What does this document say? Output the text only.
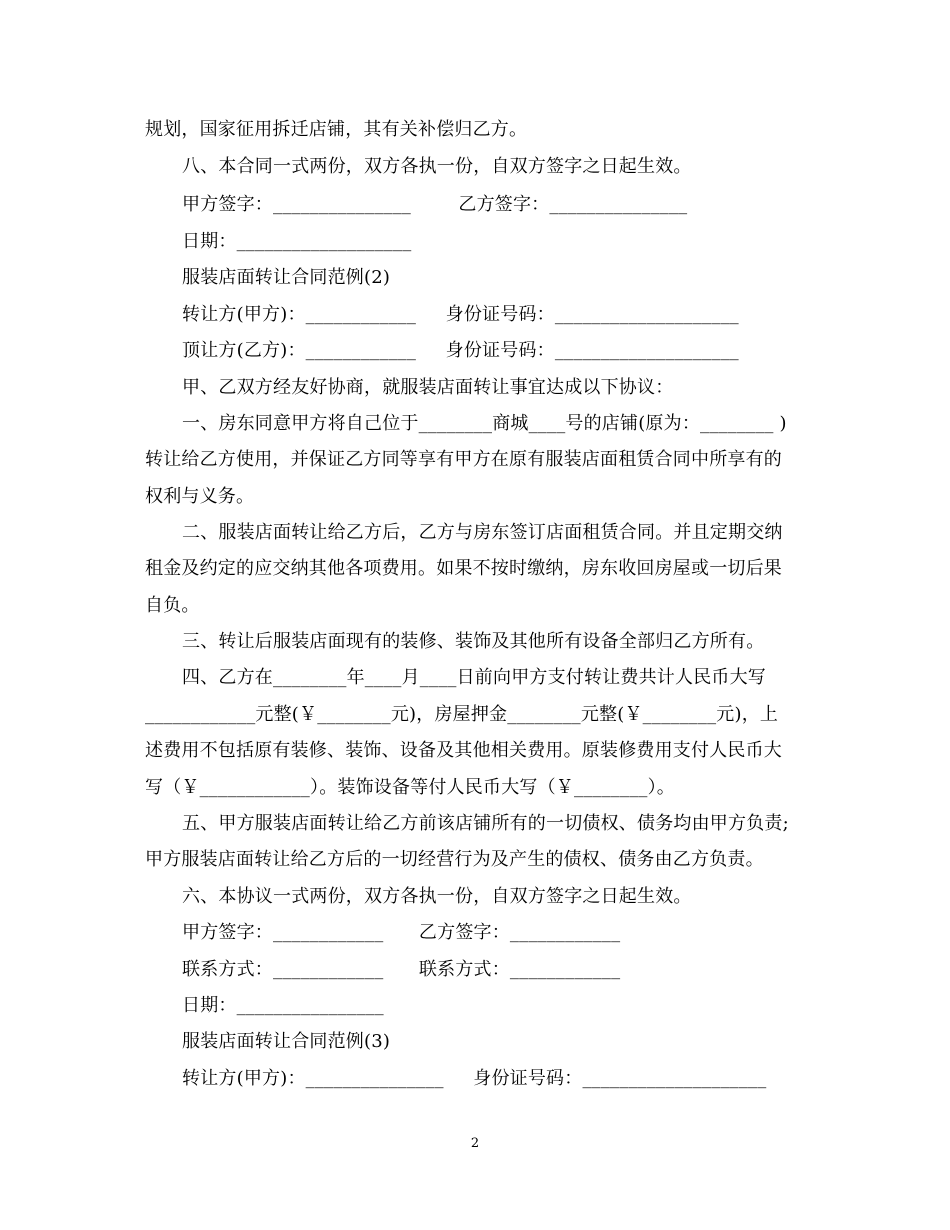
规划，国家征用拆迁店铺，其有关补偿归乙方。
八、本合同一式两份，双方各执一份，自双方签字之日起生效。
甲方签字：_______________        乙方签字：_______________
日期：___________________
服装店面转让合同范例(2)
转让方(甲方)：____________     身份证号码：____________________
顶让方(乙方)：____________     身份证号码：____________________
甲、乙双方经友好协商，就服装店面转让事宜达成以下协议：
一、房东同意甲方将自己位于________商城____号的店铺(原为：________ )
转让给乙方使用，并保证乙方同等享有甲方在原有服装店面租赁合同中所享有的
权利与义务。
二、服装店面转让给乙方后，乙方与房东签订店面租赁合同。并且定期交纳
租金及约定的应交纳其他各项费用。如果不按时缴纳，房东收回房屋或一切后果
自负。
三、转让后服装店面现有的装修、装饰及其他所有设备全部归乙方所有。
四、乙方在________年____月____日前向甲方支付转让费共计人民币大写
____________元整(￥________元)，房屋押金________元整(￥________元)，上
述费用不包括原有装修、装饰、设备及其他相关费用。原装修费用支付人民币大
写（￥____________）。装饰设备等付人民币大写（￥________）。
五、甲方服装店面转让给乙方前该店铺所有的一切债权、债务均由甲方负责;
甲方服装店面转让给乙方后的一切经营行为及产生的债权、债务由乙方负责。
六、本协议一式两份，双方各执一份，自双方签字之日起生效。
甲方签字：____________      乙方签字：____________
联系方式：____________      联系方式：____________
日期：________________
服装店面转让合同范例(3)
转让方(甲方)：_______________     身份证号码：____________________
2
